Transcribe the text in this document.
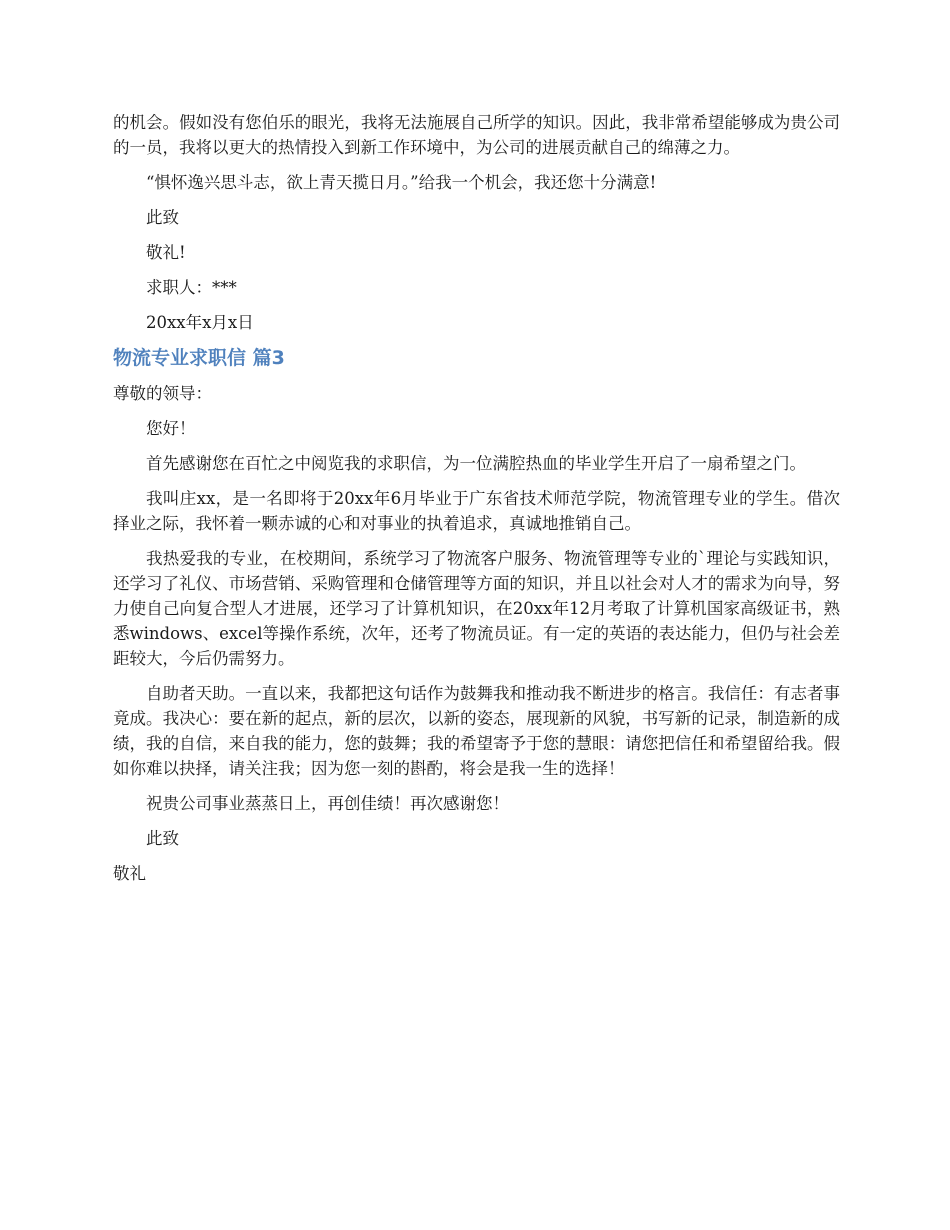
的机会。假如没有您伯乐的眼光，我将无法施展自己所学的知识。因此，我非常希望能够成为贵公司的一员，我将以更大的热情投入到新工作环境中，为公司的进展贡献自己的绵薄之力。

“惧怀逸兴思斗志，欲上青天揽日月。”给我一个机会，我还您十分满意!

此致

敬礼!

求职人：***

20xx年x月x日

物流专业求职信 篇3

尊敬的领导：

您好！

首先感谢您在百忙之中阅览我的求职信，为一位满腔热血的毕业学生开启了一扇希望之门。

我叫庄xx，是一名即将于20xx年6月毕业于广东省技术师范学院，物流管理专业的学生。借次择业之际，我怀着一颗赤诚的心和对事业的执着追求，真诚地推销自己。

我热爱我的专业，在校期间，系统学习了物流客户服务、物流管理等专业的`理论与实践知识，还学习了礼仪、市场营销、采购管理和仓储管理等方面的知识，并且以社会对人才的需求为向导，努力使自己向复合型人才进展，还学习了计算机知识，在20xx年12月考取了计算机国家高级证书，熟悉windows、excel等操作系统，次年，还考了物流员证。有一定的英语的表达能力，但仍与社会差距较大，今后仍需努力。

自助者天助。一直以来，我都把这句话作为鼓舞我和推动我不断进步的格言。我信任：有志者事竟成。我决心：要在新的起点，新的层次，以新的姿态，展现新的风貌，书写新的记录，制造新的成绩，我的自信，来自我的能力，您的鼓舞；我的希望寄予于您的慧眼：请您把信任和希望留给我。假如你难以抉择，请关注我；因为您一刻的斟酌，将会是我一生的选择！

祝贵公司事业蒸蒸日上，再创佳绩！再次感谢您！

此致

敬礼
